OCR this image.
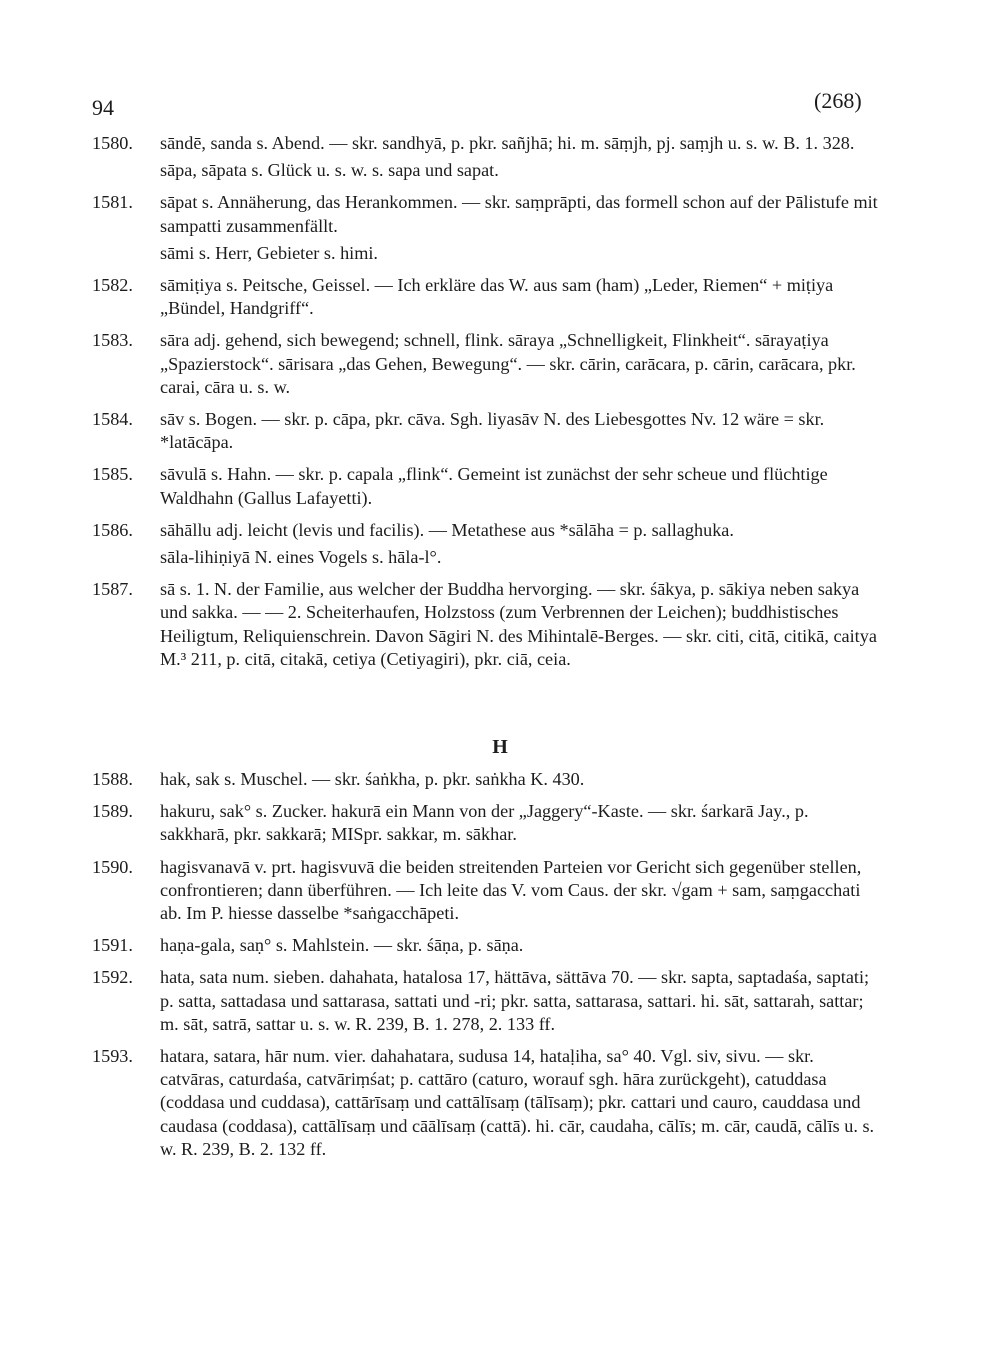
94	(268)
1580. sāndē, sanda s. Abend. — skr. sandhyā, p. pkr. sañjhā; hi. m. sāṃjh, pj. saṃjh u. s. w. B. 1. 328.
sāpa, sāpata s. Glück u. s. w. s. sapa und sapat.
1581. sāpat s. Annäherung, das Herankommen. — skr. saṃprāpti, das formell schon auf der Pālistufe mit sampatti zusammenfällt.
sāmi s. Herr, Gebieter s. himi.
1582. sāmiṭiya s. Peitsche, Geissel. — Ich erkläre das W. aus sam (ham) „Leder, Riemen“ + miṭiya „Bündel, Handgriff“.
1583. sāra adj. gehend, sich bewegend; schnell, flink. sāraya „Schnelligkeit, Flinkheit“. sārayaṭiya „Spazierstock“. sārisara „das Gehen, Bewegung“. — skr. cārin, carācara, p. cārin, carācara, pkr. carai, cāra u. s. w.
1584. sāv s. Bogen. — skr. p. cāpa, pkr. cāva. Sgh. liyasāv N. des Liebesgottes Nv. 12 wäre = skr. *latācāpa.
1585. sāvulā s. Hahn. — skr. p. capala „flink“. Gemeint ist zunächst der sehr scheue und flüchtige Waldhahn (Gallus Lafayetti).
1586. sāhāllu adj. leicht (levis und facilis). — Metathese aus *sālāha = p. sallaghuka.
sāla-lihiṇiyā N. eines Vogels s. hāla-l°.
1587. sā s. 1. N. der Familie, aus welcher der Buddha hervorging. — skr. śākya, p. sākiya neben sakya und sakka. — — 2. Scheiterhaufen, Holzstoss (zum Verbrennen der Leichen); buddhistisches Heiligtum, Reliquienschrein. Davon Sāgiri N. des Mihintalē-Berges. — skr. citi, citā, citikā, caitya M.³ 211, p. citā, citakā, cetiya (Cetiyagiri), pkr. ciā, ceia.
H
1588. hak, sak s. Muschel. — skr. śaṅkha, p. pkr. saṅkha K. 430.
1589. hakuru, sak° s. Zucker. hakurā ein Mann von der „Jaggery“-Kaste. — skr. śarkarā Jay., p. sakkharā, pkr. sakkarā; MISpr. sakkar, m. sākhar.
1590. hagisvanavā v. prt. hagisvuvā die beiden streitenden Parteien vor Gericht sich gegenüber stellen, confrontieren; dann überführen. — Ich leite das V. vom Caus. der skr. √gam + sam, saṃgacchati ab. Im P. hiesse dasselbe *saṅgacchāpeti.
1591. haṇa-gala, saṇ° s. Mahlstein. — skr. śāṇa, p. sāṇa.
1592. hata, sata num. sieben. dahahata, hatalosa 17, hättāva, sättāva 70. — skr. sapta, saptadaśa, saptati; p. satta, sattadasa und sattarasa, sattati und -ri; pkr. satta, sattarasa, sattari. hi. sāt, sattarah, sattar; m. sāt, satrā, sattar u. s. w. R. 239, B. 1. 278, 2. 133 ff.
1593. hatara, satara, hār num. vier. dahahatara, sudusa 14, hataḷiha, sa° 40. Vgl. siv, sivu. — skr. catvāras, caturdaśa, catvāriṃśat; p. cattāro (caturo, worauf sgh. hāra zurückgeht), catuddasa (coddasa und cuddasa), cattārīsaṃ und cattālīsaṃ (tālīsaṃ); pkr. cattari und cauro, cauddasa und caudasa (coddasa), cattālīsaṃ und cāālīsaṃ (cattā). hi. cār, caudaha, cālīs; m. cār, caudā, cālīs u. s. w. R. 239, B. 2. 132 ff.
